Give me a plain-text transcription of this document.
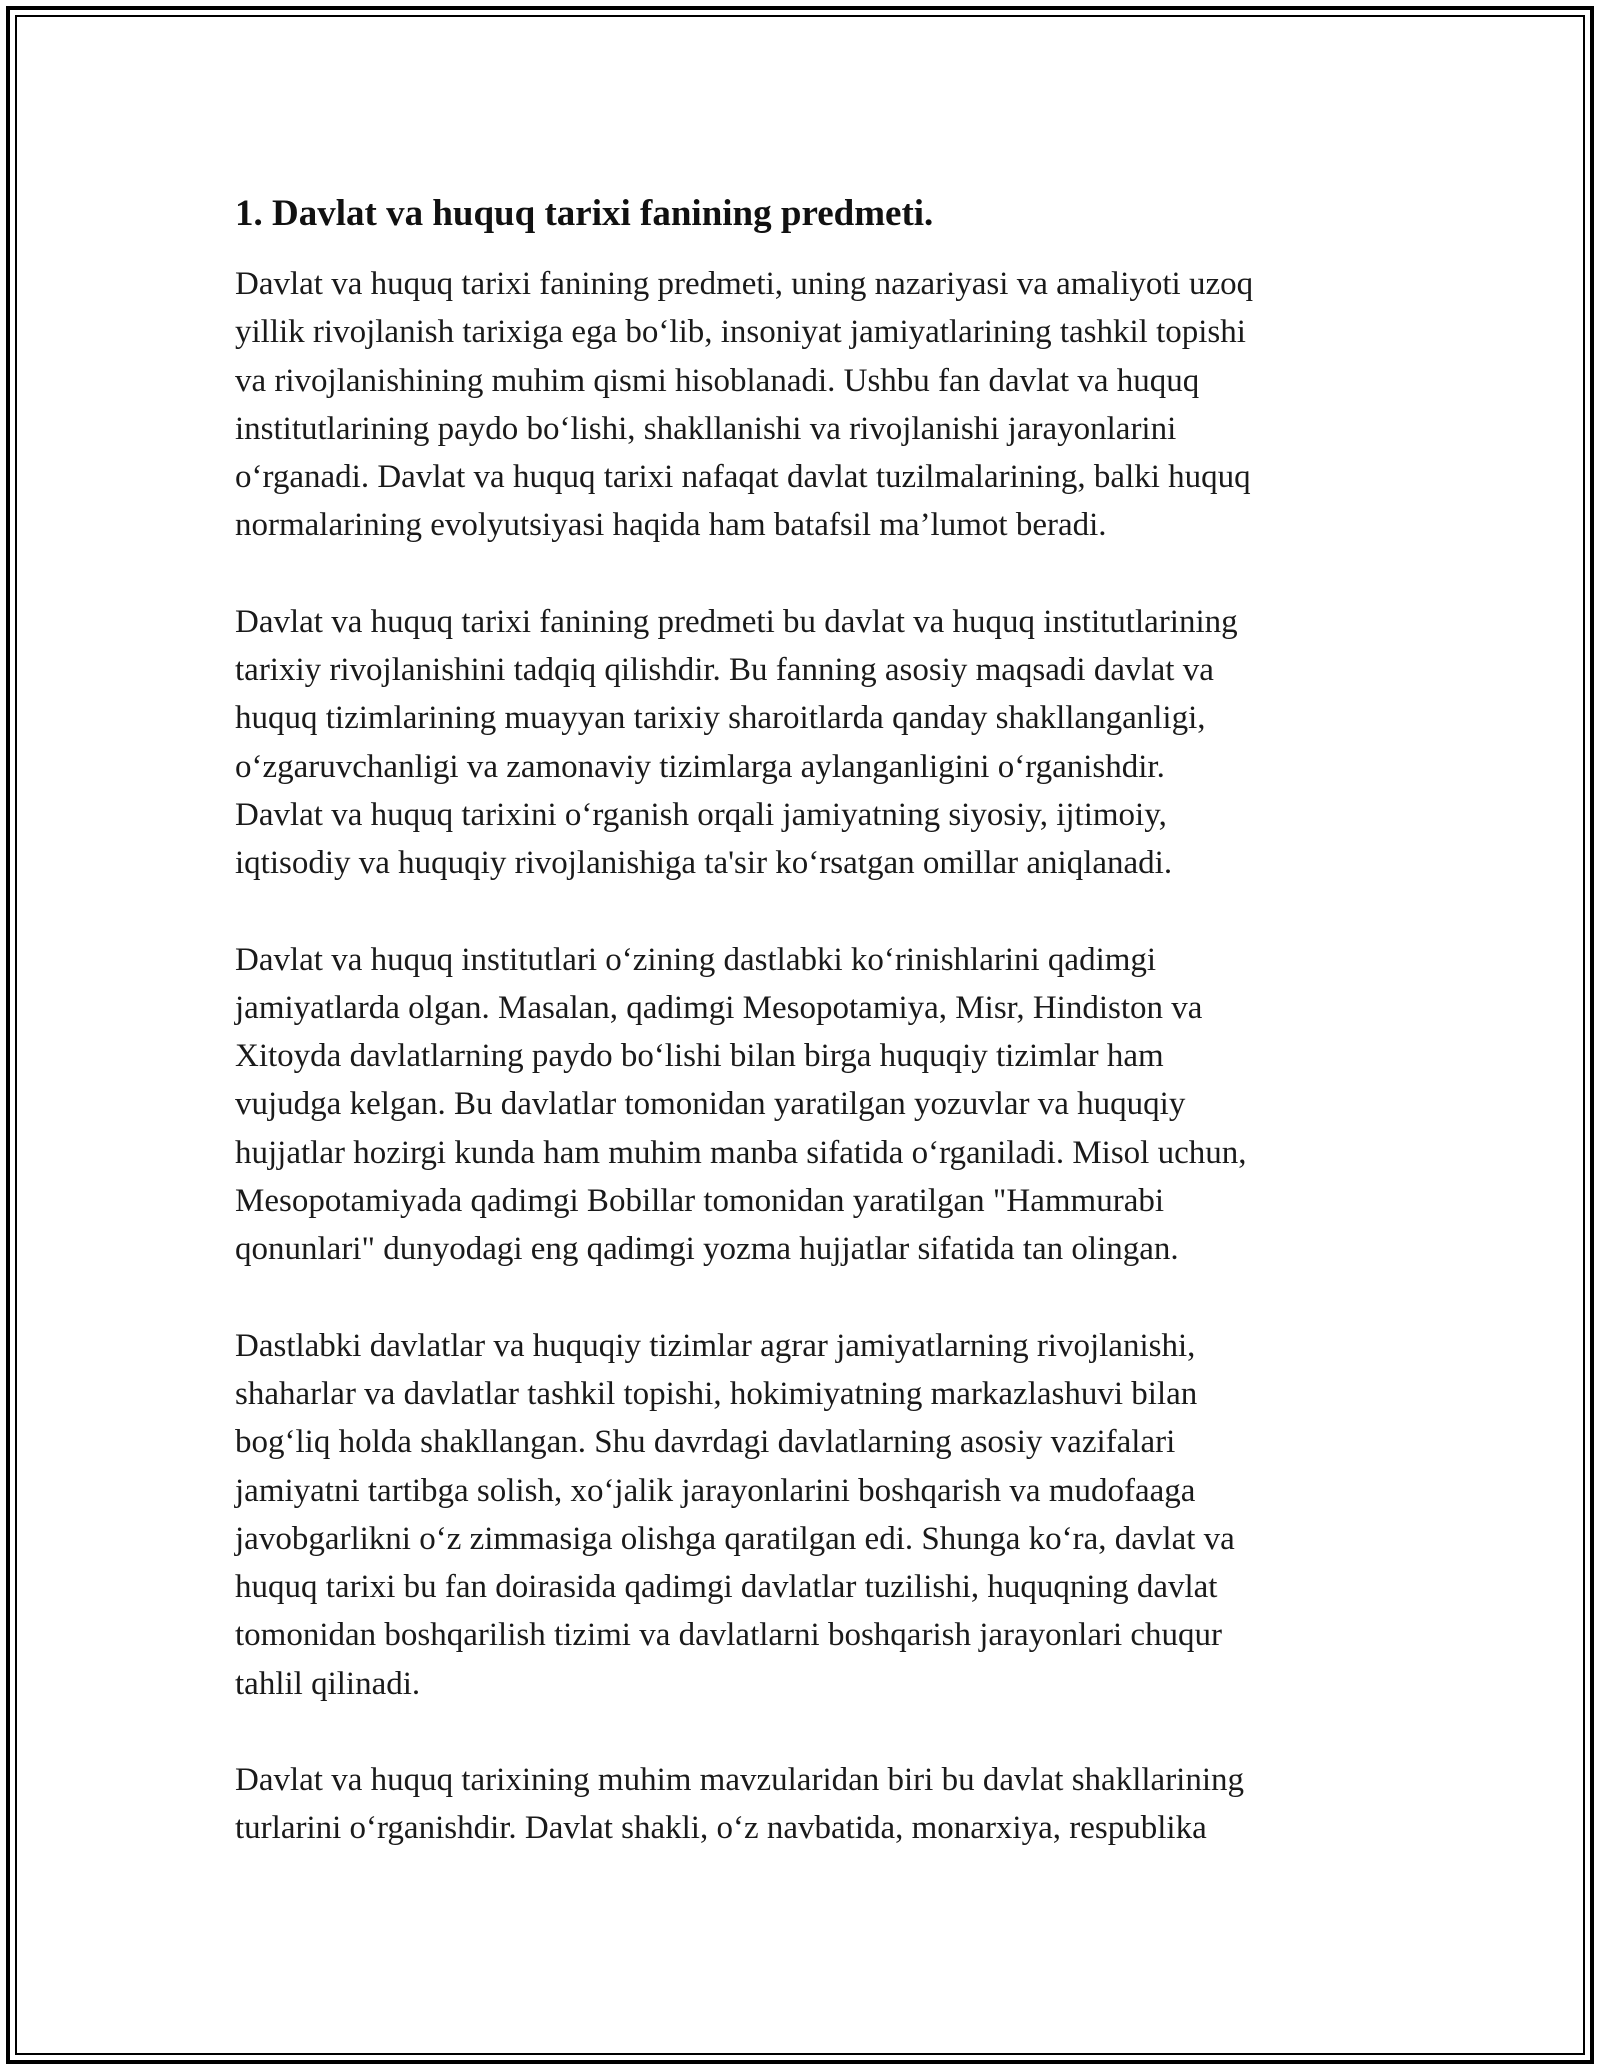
1. Davlat va huquq tarixi fanining predmeti.
Davlat va huquq tarixi fanining predmeti, uning nazariyasi va amaliyoti uzoq
yillik rivojlanish tarixiga ega bo‘lib, insoniyat jamiyatlarining tashkil topishi
va rivojlanishining muhim qismi hisoblanadi. Ushbu fan davlat va huquq
institutlarining paydo bo‘lishi, shakllanishi va rivojlanishi jarayonlarini
o‘rganadi. Davlat va huquq tarixi nafaqat davlat tuzilmalarining, balki huquq
normalarining evolyutsiyasi haqida ham batafsil ma’lumot beradi.
Davlat va huquq tarixi fanining predmeti bu davlat va huquq institutlarining
tarixiy rivojlanishini tadqiq qilishdir. Bu fanning asosiy maqsadi davlat va
huquq tizimlarining muayyan tarixiy sharoitlarda qanday shakllanganligi,
o‘zgaruvchanligi va zamonaviy tizimlarga aylanganligini o‘rganishdir.
Davlat va huquq tarixini o‘rganish orqali jamiyatning siyosiy, ijtimoiy,
iqtisodiy va huquqiy rivojlanishiga ta'sir ko‘rsatgan omillar aniqlanadi.
Davlat va huquq institutlari o‘zining dastlabki ko‘rinishlarini qadimgi
jamiyatlarda olgan. Masalan, qadimgi Mesopotamiya, Misr, Hindiston va
Xitoyda davlatlarning paydo bo‘lishi bilan birga huquqiy tizimlar ham
vujudga kelgan. Bu davlatlar tomonidan yaratilgan yozuvlar va huquqiy
hujjatlar hozirgi kunda ham muhim manba sifatida o‘rganiladi. Misol uchun,
Mesopotamiyada qadimgi Bobillar tomonidan yaratilgan "Hammurabi
qonunlari" dunyodagi eng qadimgi yozma hujjatlar sifatida tan olingan.
Dastlabki davlatlar va huquqiy tizimlar agrar jamiyatlarning rivojlanishi,
shaharlar va davlatlar tashkil topishi, hokimiyatning markazlashuvi bilan
bog‘liq holda shakllangan. Shu davrdagi davlatlarning asosiy vazifalari
jamiyatni tartibga solish, xo‘jalik jarayonlarini boshqarish va mudofaaga
javobgarlikni o‘z zimmasiga olishga qaratilgan edi. Shunga ko‘ra, davlat va
huquq tarixi bu fan doirasida qadimgi davlatlar tuzilishi, huquqning davlat
tomonidan boshqarilish tizimi va davlatlarni boshqarish jarayonlari chuqur
tahlil qilinadi.
Davlat va huquq tarixining muhim mavzularidan biri bu davlat shakllarining
turlarini o‘rganishdir. Davlat shakli, o‘z navbatida, monarxiya, respublika
